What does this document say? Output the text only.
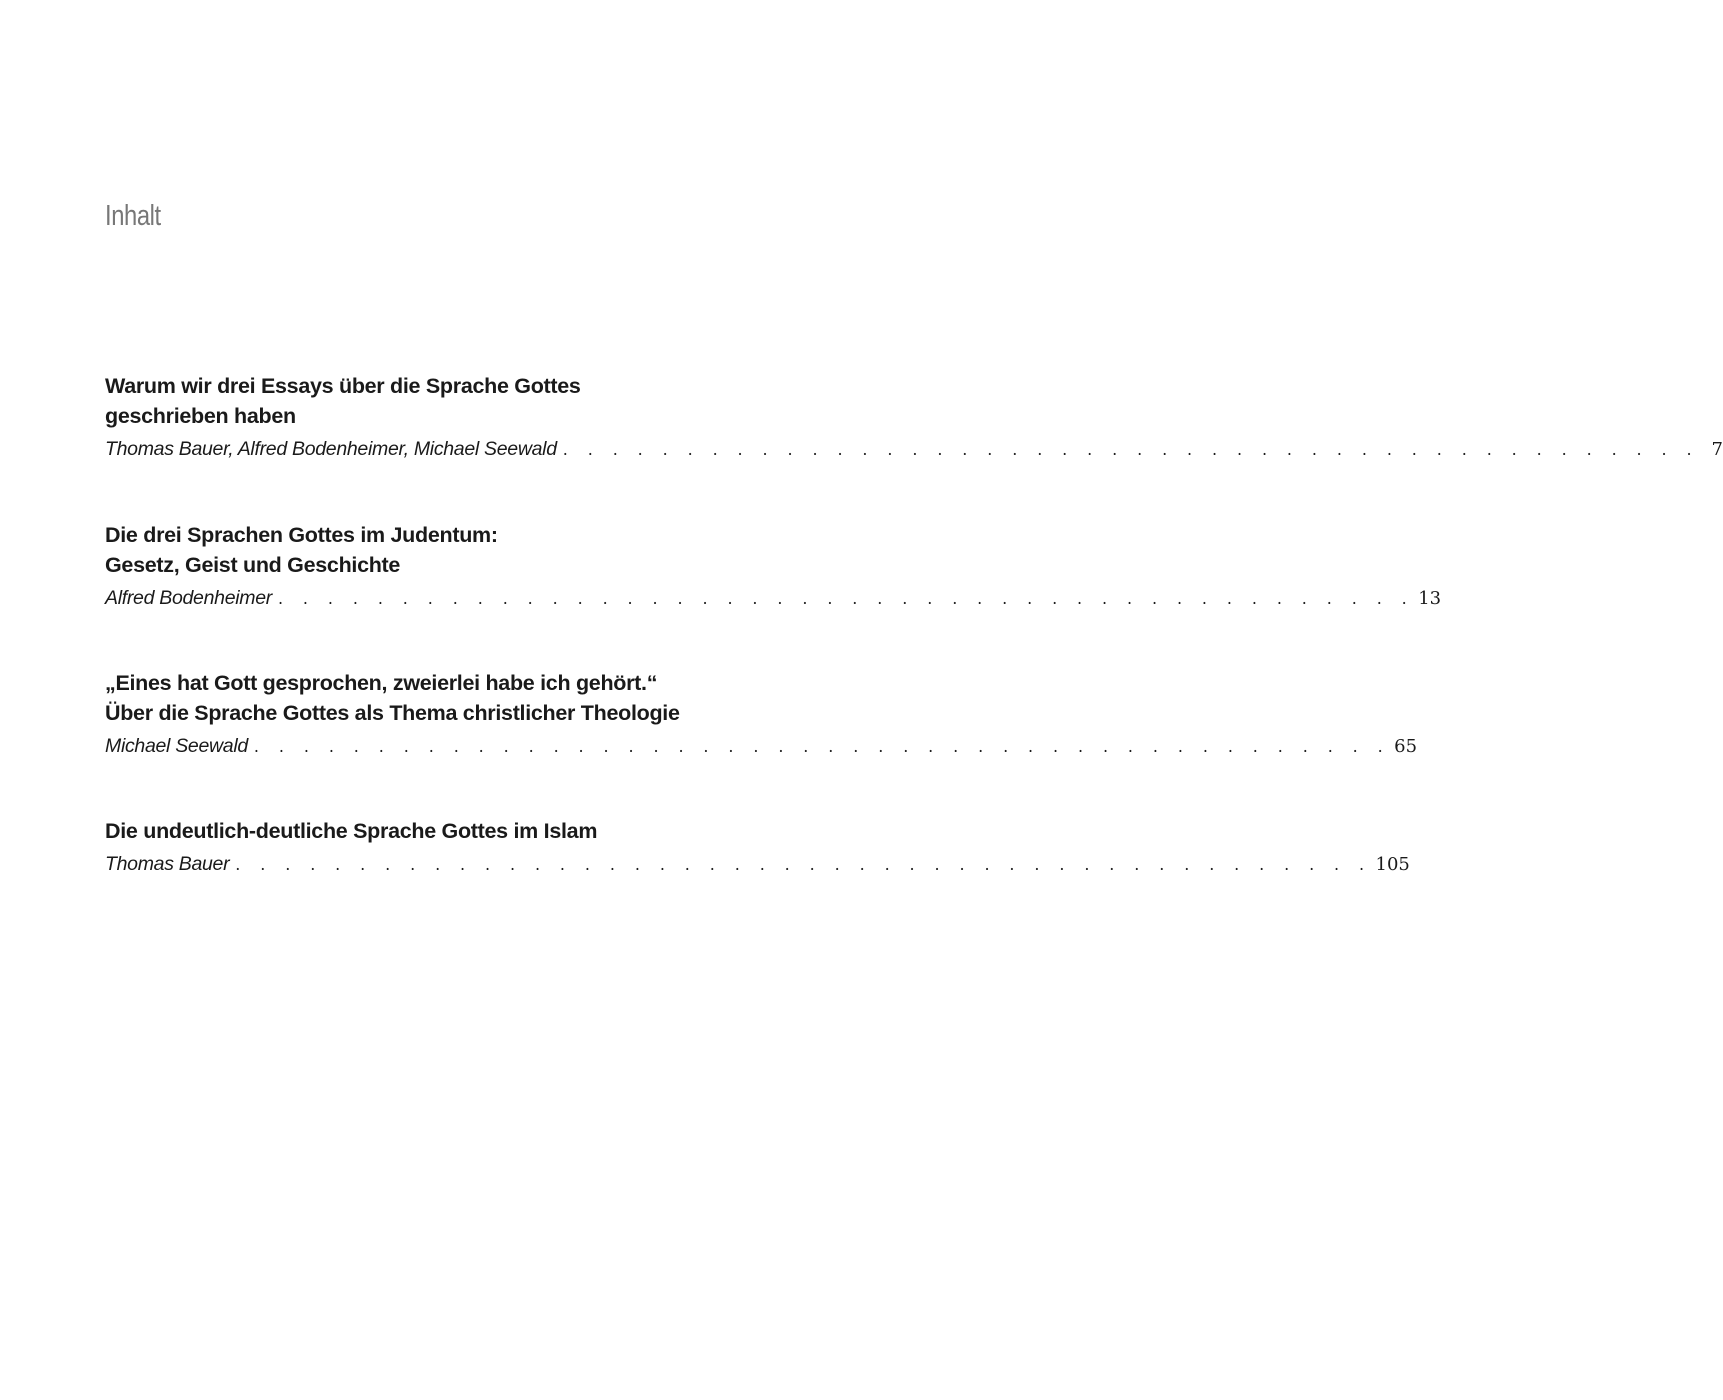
Inhalt
Warum wir drei Essays über die Sprache Gottes
geschrieben haben
Thomas Bauer, Alfred Bodenheimer, Michael Seewald . . . . . . . . . . . . . . . . . . . . . . . . . . . . . . . . . . . . . . . . . . . . . . 7
Die drei Sprachen Gottes im Judentum:
Gesetz, Geist und Geschichte
Alfred Bodenheimer . . . . . . . . . . . . . . . . . . . . . . . . . . . . . . . . . . . . . . . . . . . . . . 13
„Eines hat Gott gesprochen, zweierlei habe ich gehört.“
Über die Sprache Gottes als Thema christlicher Theologie
Michael Seewald . . . . . . . . . . . . . . . . . . . . . . . . . . . . . . . . . . . . . . . . . . . . . . 65
Die undeutlich-deutliche Sprache Gottes im Islam
Thomas Bauer . . . . . . . . . . . . . . . . . . . . . . . . . . . . . . . . . . . . . . . . . . . . . . 105
